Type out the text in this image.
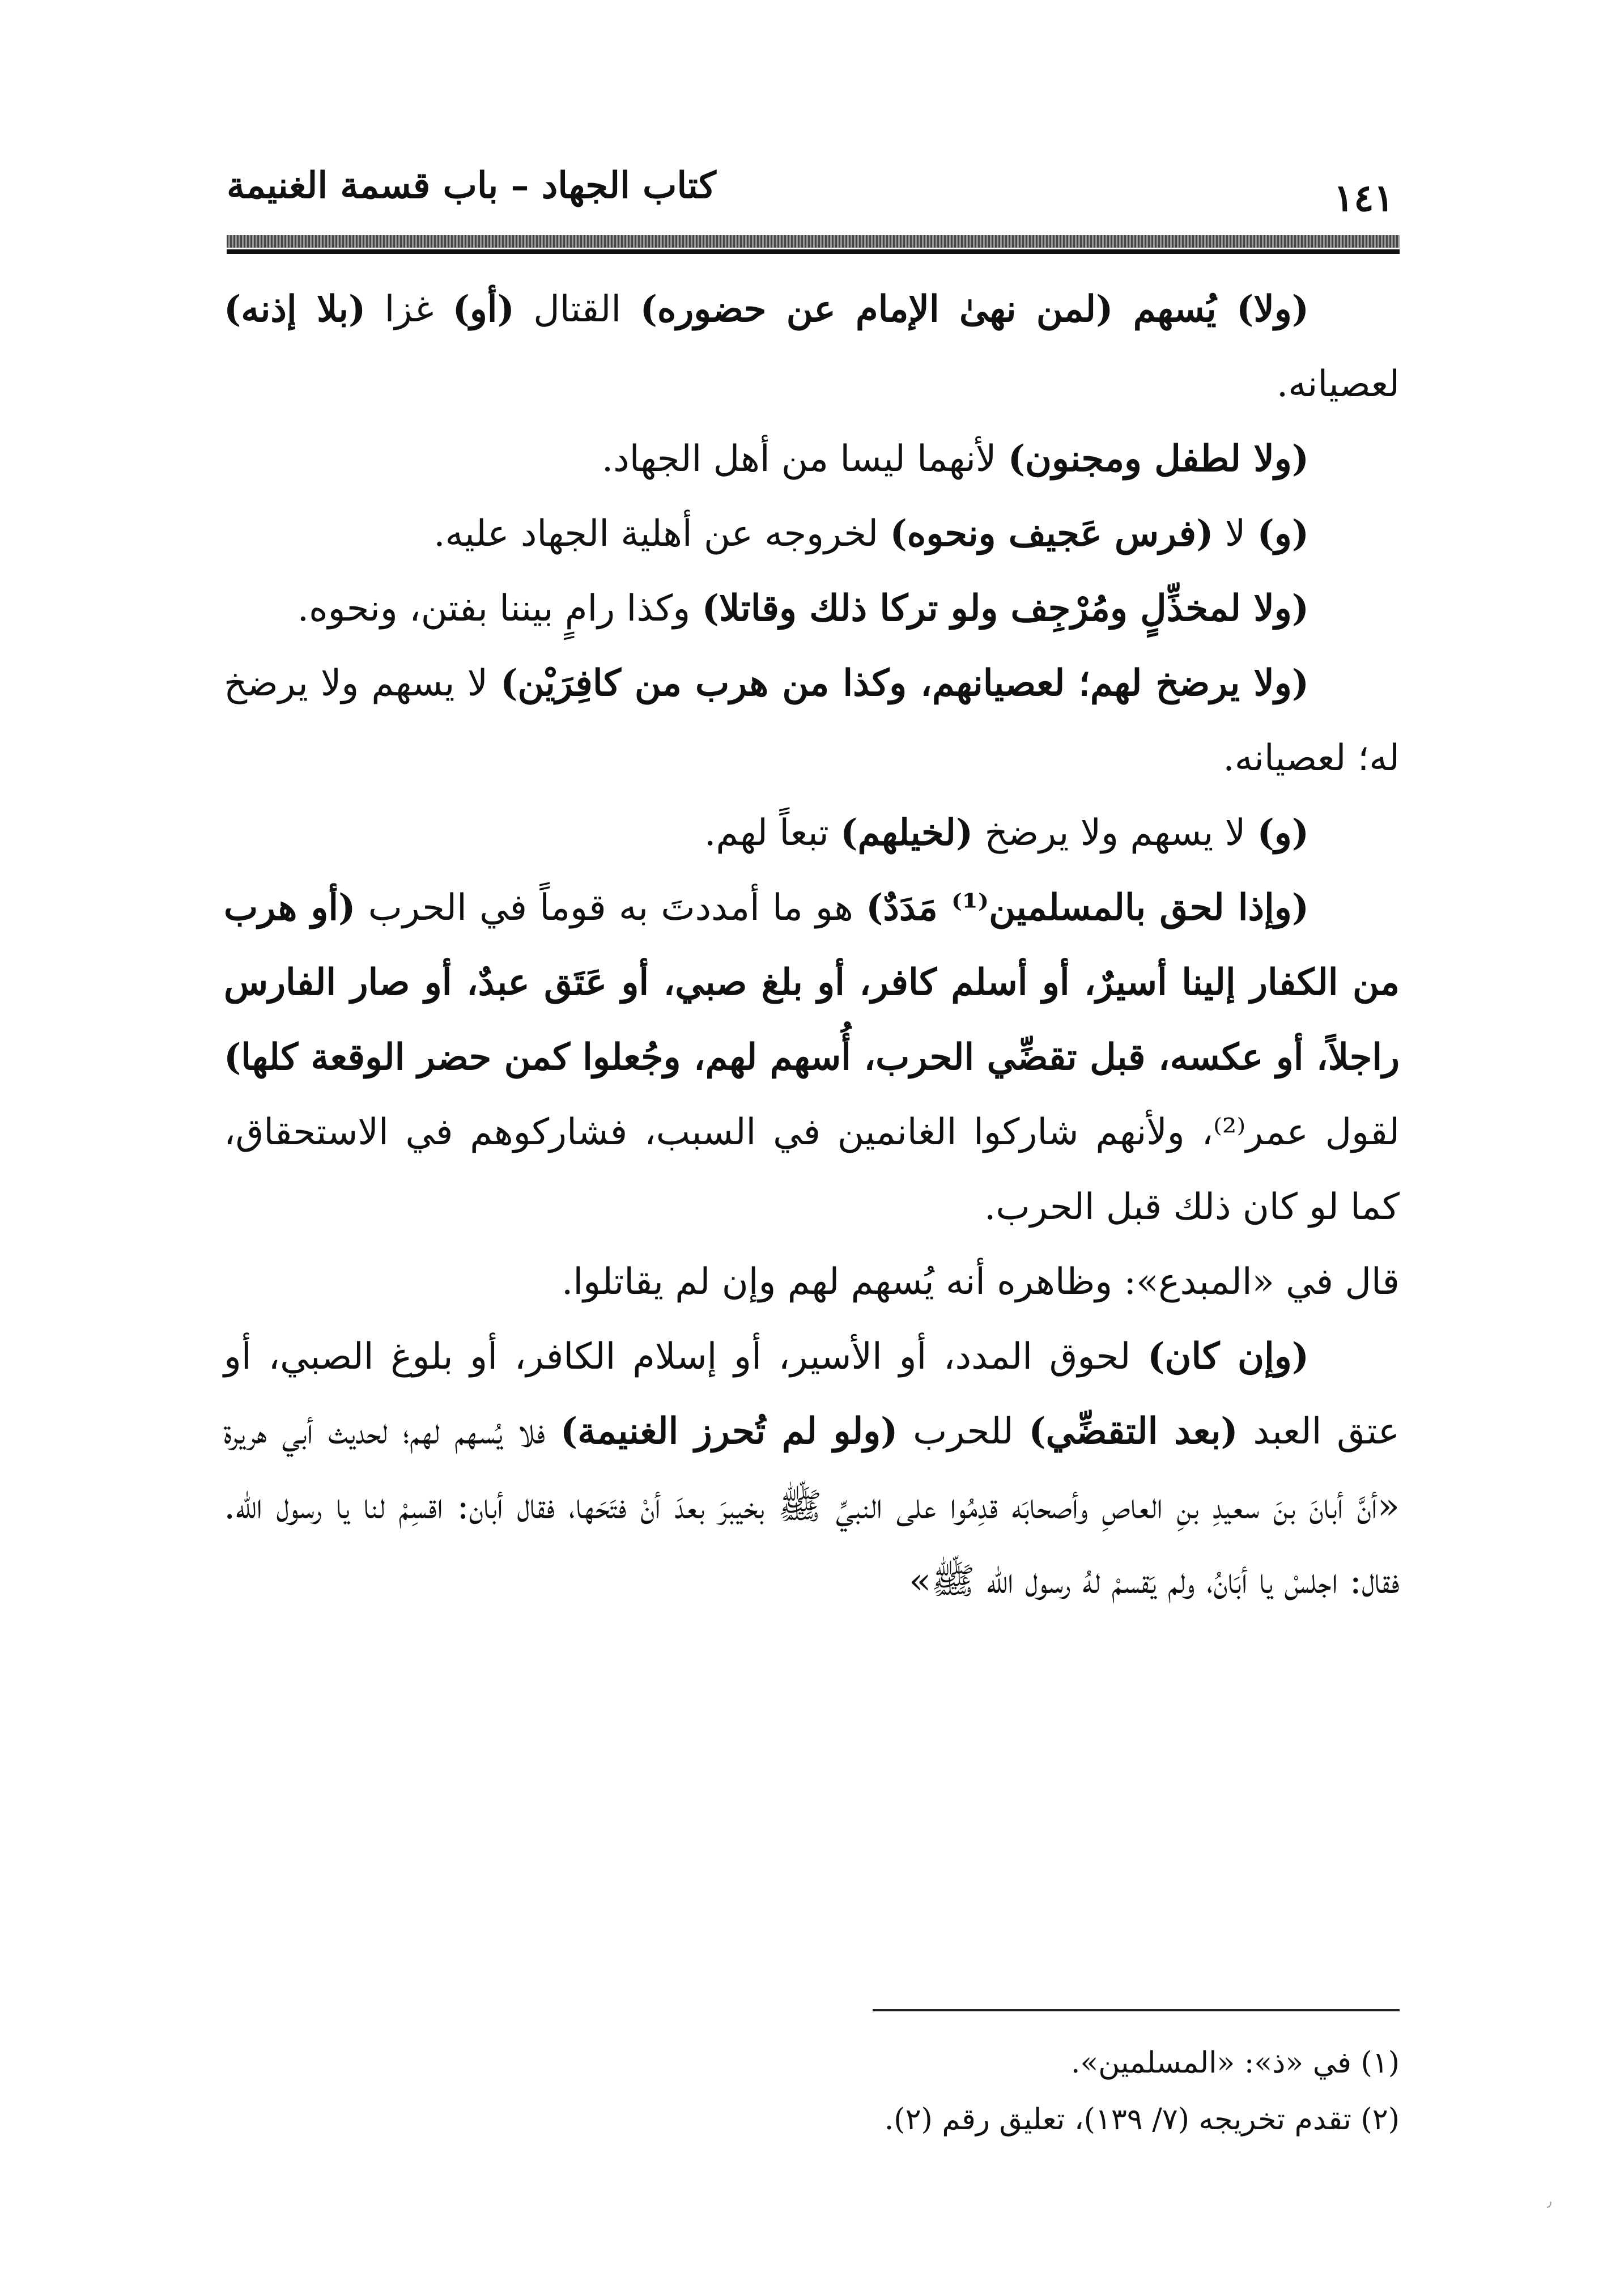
كتاب الجهاد – باب قسمة الغنيمة	١٤١

(ولا) يُسهم (لمن نهىٰ الإمام عن حضوره) القتال (أو) غزا (بلا إذنه) لعصيانه.

(ولا لطفل ومجنون) لأنهما ليسا من أهل الجهاد.

(و) لا (فرس عَجيف ونحوه) لخروجه عن أهلية الجهاد عليه.

(ولا لمخذِّلٍ ومُرْجِف ولو تركا ذلك وقاتلا) وكذا رامٍ بيننا بفتن، ونحوه.

(ولا يرضخ لهم؛ لعصيانهم، وكذا من هرب من كافِرَيْن) لا يسهم ولا يرضخ له؛ لعصيانه.

(و) لا يسهم ولا يرضخ (لخيلهم) تبعاً لهم.

(وإذا لحق بالمسلمين⁽¹⁾ مَدَدٌ) هو ما أمددتَ به قوماً في الحرب (أو هرب من الكفار إلينا أسيرٌ، أو أسلم كافر، أو بلغ صبي، أو عَتَق عبدٌ، أو صار الفارس راجلاً، أو عكسه، قبل تقضِّي الحرب، أُسهم لهم، وجُعلوا كمن حضر الوقعة كلها) لقول عمر⁽²⁾، ولأنهم شاركوا الغانمين في السبب، فشاركوهم في الاستحقاق، كما لو كان ذلك قبل الحرب.

قال في «المبدع»: وظاهره أنه يُسهم لهم وإن لم يقاتلوا.

(وإن كان) لحوق المدد، أو الأسير، أو إسلام الكافر، أو بلوغ الصبي، أو عتق العبد (بعد التقضِّي) للحرب (ولو لم تُحرز الغنيمة) فلا يُسهم لهم؛ لحديث أبي هريرة «أنَّ أبانَ بنَ سعيدِ بنِ العاصِ وأصحابَه قدِمُوا على النبيِّ ﷺ بخيبرَ بعدَ أنْ فتَحَها، فقال أبان: اقسِمْ لنا يا رسول الله. فقال: اجلسْ يا أبَانُ، ولم يَقسمْ لهُ رسول الله ﷺ»

(١) في «ذ»: «المسلمين».

(٢) تقدم تخريجه (٧/ ١٣٩)، تعليق رقم (٢).

٫
